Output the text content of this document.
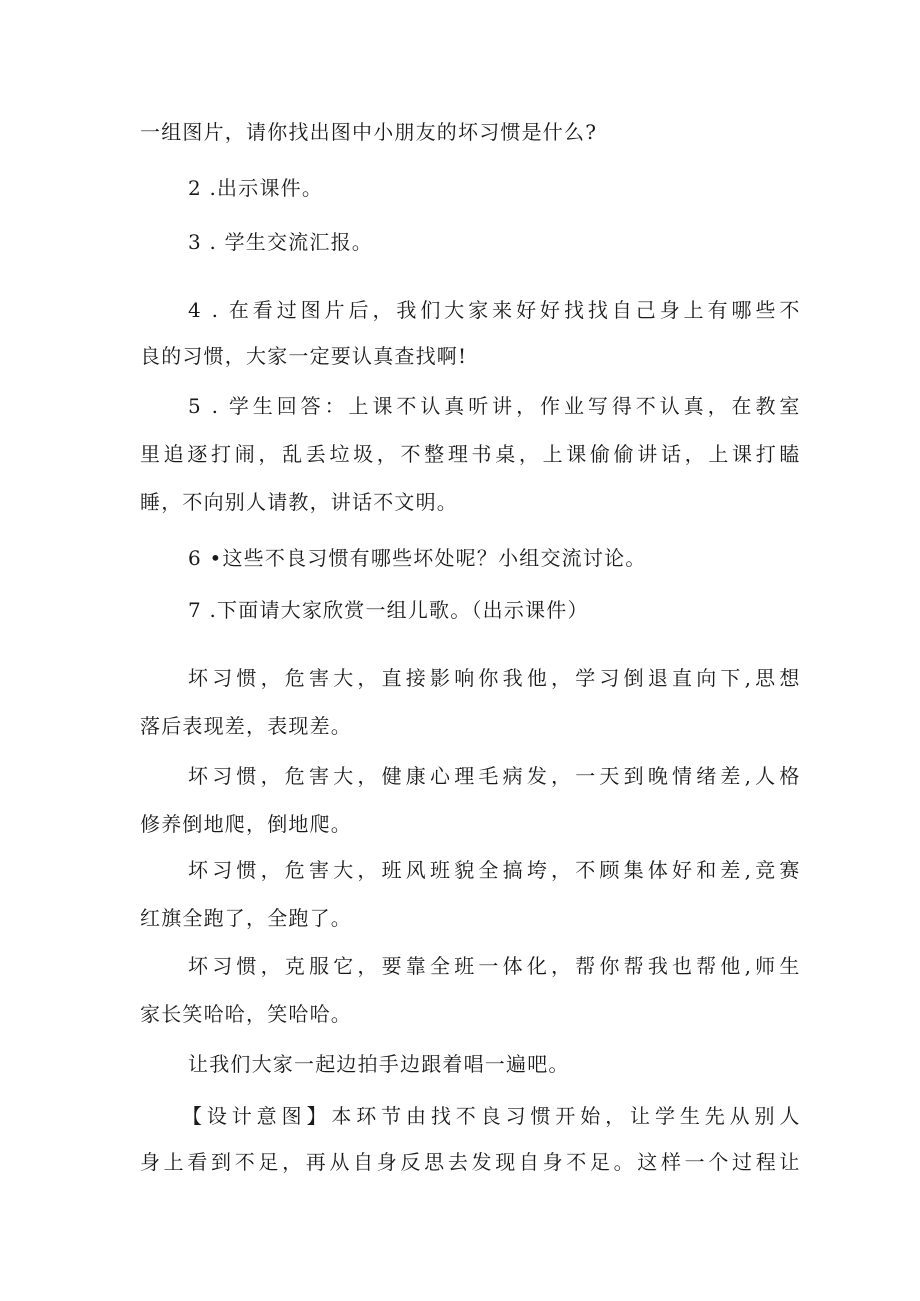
一组图片，请你找出图中小朋友的坏习惯是什么?
2 .出示课件。
3 . 学生交流汇报。
4 . 在看过图片后，我们大家来好好找找自己身上有哪些不
良的习惯，大家一定要认真查找啊!
5 . 学生回答：上课不认真听讲，作业写得不认真，在教室
里追逐打闹，乱丢垃圾，不整理书桌，上课偷偷讲话，上课打瞌
睡，不向别人请教，讲话不文明。
6 •这些不良习惯有哪些坏处呢？小组交流讨论。
7 .下面请大家欣赏一组儿歌。（出示课件）
坏习惯，危害大，直接影响你我他，学习倒退直向下,思想
落后表现差，表现差。
坏习惯，危害大，健康心理毛病发，一天到晚情绪差,人格
修养倒地爬，倒地爬。
坏习惯，危害大，班风班貌全搞垮，不顾集体好和差,竞赛
红旗全跑了，全跑了。
坏习惯，克服它，要靠全班一体化，帮你帮我也帮他,师生
家长笑哈哈，笑哈哈。
让我们大家一起边拍手边跟着唱一遍吧。
【设计意图】本环节由找不良习惯开始，让学生先从别人
身上看到不足，再从自身反思去发现自身不足。这样一个过程让
